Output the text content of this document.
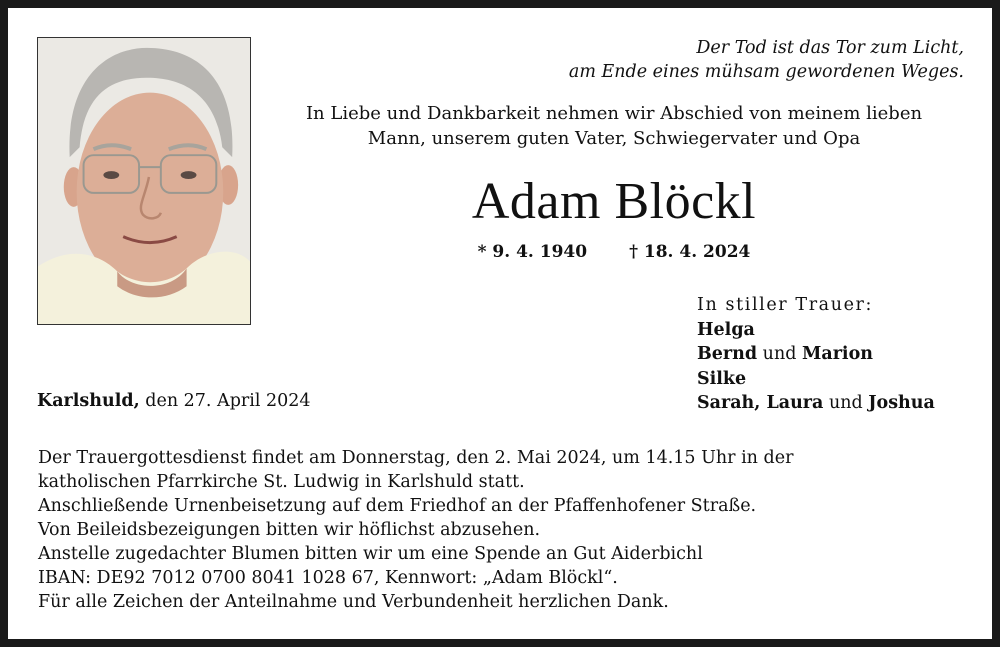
Der Tod ist das Tor zum Licht,
am Ende eines mühsam gewordenen Weges.
In Liebe und Dankbarkeit nehmen wir Abschied von meinem lieben
Mann, unserem guten Vater, Schwiegervater und Opa
Adam Blöckl
* 9. 4. 1940 † 18. 4. 2024
In stiller Trauer:
Helga
Bernd und Marion
Silke
Sarah, Laura und Joshua
Karlshuld, den 27. April 2024
Der Trauergottesdienst findet am Donnerstag, den 2. Mai 2024, um 14.15 Uhr in der
katholischen Pfarrkirche St. Ludwig in Karlshuld statt.
Anschließende Urnenbeisetzung auf dem Friedhof an der Pfaffenhofener Straße.
Von Beileidsbezeigungen bitten wir höflichst abzusehen.
Anstelle zugedachter Blumen bitten wir um eine Spende an Gut Aiderbichl
IBAN: DE92 7012 0700 8041 1028 67, Kennwort: „Adam Blöckl“.
Für alle Zeichen der Anteilnahme und Verbundenheit herzlichen Dank.
